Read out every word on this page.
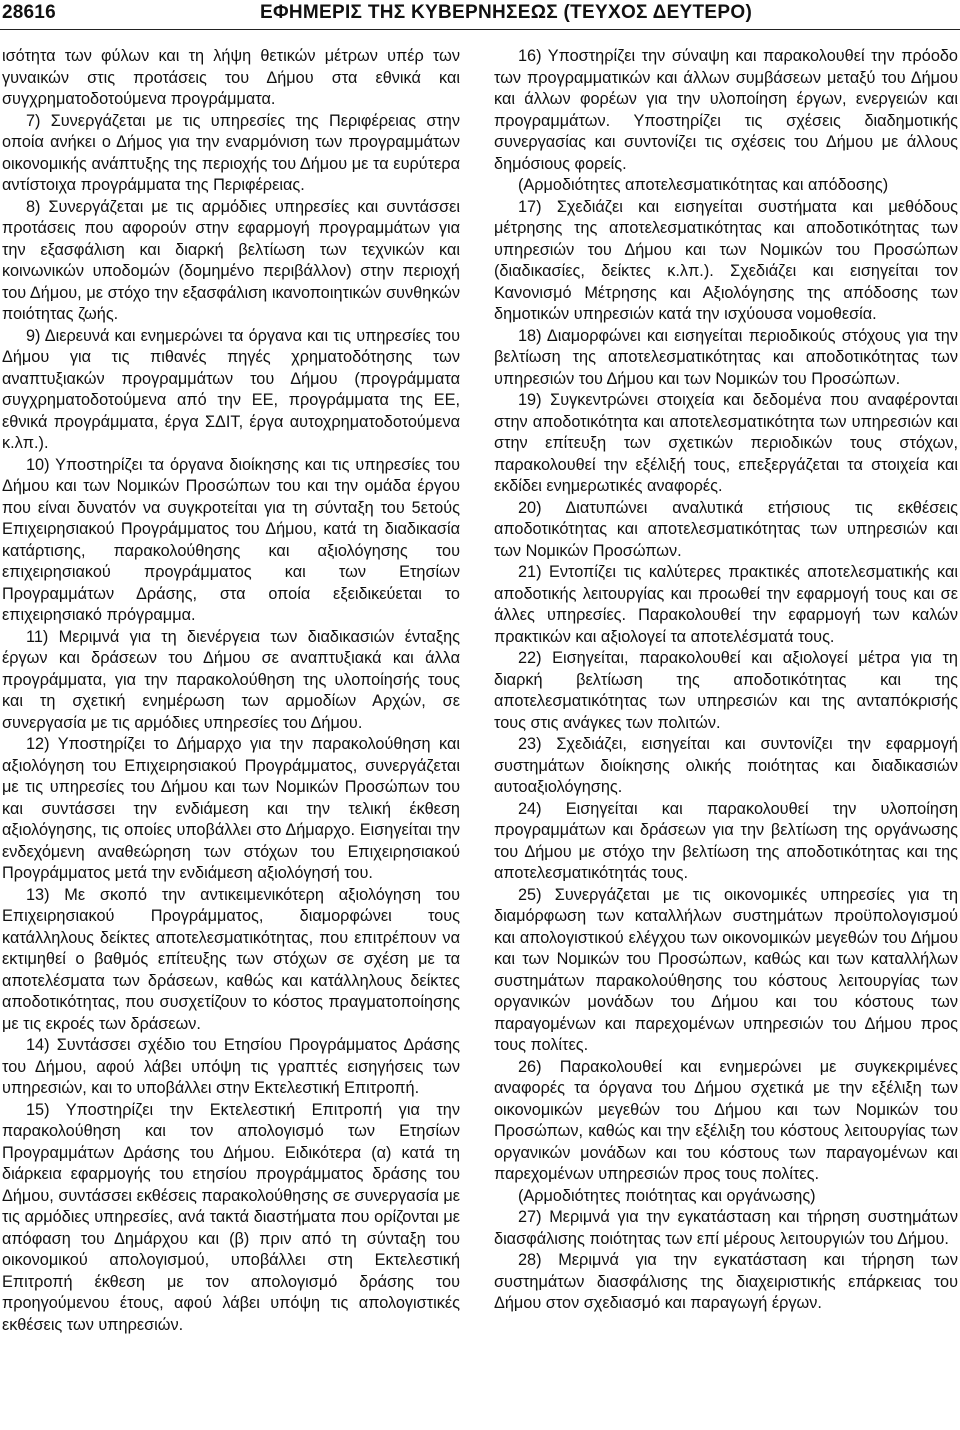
28616	ΕΦΗΜΕΡΙΣ ΤΗΣ ΚΥΒΕΡΝΗΣΕΩΣ (ΤΕΥΧΟΣ ΔΕΥΤΕΡΟ)

ισότητα των φύλων και τη λήψη θετικών μέτρων υπέρ των γυναικών στις προτάσεις του Δήμου στα εθνικά και συγχρηματοδοτούμενα προγράμματα.

7) Συνεργάζεται με τις υπηρεσίες της Περιφέρειας στην οποία ανήκει ο Δήμος για την εναρμόνιση των προγραμμάτων οικονομικής ανάπτυξης της περιοχής του Δήμου με τα ευρύτερα αντίστοιχα προγράμματα της Περιφέρειας.

8) Συνεργάζεται με τις αρμόδιες υπηρεσίες και συντάσσει προτάσεις που αφορούν στην εφαρμογή προγραμμάτων για την εξασφάλιση και διαρκή βελτίωση των τεχνικών και κοινωνικών υποδομών (δομημένο περιβάλλον) στην περιοχή του Δήμου, με στόχο την εξασφάλιση ικανοποιητικών συνθηκών ποιότητας ζωής.

9) Διερευνά και ενημερώνει τα όργανα και τις υπηρεσίες του Δήμου για τις πιθανές πηγές χρηματοδότησης των αναπτυξιακών προγραμμάτων του Δήμου (προγράμματα συγχρηματοδοτούμενα από την ΕΕ, προγράμματα της ΕΕ, εθνικά προγράμματα, έργα ΣΔΙΤ, έργα αυτοχρηματοδοτούμενα κ.λπ.).

10) Υποστηρίζει τα όργανα διοίκησης και τις υπηρεσίες του Δήμου και των Νομικών Προσώπων του και την ομάδα έργου που είναι δυνατόν να συγκροτείται για τη σύνταξη του 5ετούς Επιχειρησιακού Προγράμματος του Δήμου, κατά τη διαδικασία κατάρτισης, παρακολούθησης και αξιολόγησης του επιχειρησιακού προγράμματος και των Ετησίων Προγραμμάτων Δράσης, στα οποία εξειδικεύεται το επιχειρησιακό πρόγραμμα.

11) Μεριμνά για τη διενέργεια των διαδικασιών ένταξης έργων και δράσεων του Δήμου σε αναπτυξιακά και άλλα προγράμματα, για την παρακολούθηση της υλοποίησής τους και τη σχετική ενημέρωση των αρμοδίων Αρχών, σε συνεργασία με τις αρμόδιες υπηρεσίες του Δήμου.

12) Υποστηρίζει το Δήμαρχο για την παρακολούθηση και αξιολόγηση του Επιχειρησιακού Προγράμματος, συνεργάζεται με τις υπηρεσίες του Δήμου και των Νομικών Προσώπων του και συντάσσει την ενδιάμεση και την τελική έκθεση αξιολόγησης, τις οποίες υποβάλλει στο Δήμαρχο. Εισηγείται την ενδεχόμενη αναθεώρηση των στόχων του Επιχειρησιακού Προγράμματος μετά την ενδιάμεση αξιολόγησή του.

13) Με σκοπό την αντικειμενικότερη αξιολόγηση του Επιχειρησιακού Προγράμματος, διαμορφώνει τους κατάλληλους δείκτες αποτελεσματικότητας, που επιτρέπουν να εκτιμηθεί ο βαθμός επίτευξης των στόχων σε σχέση με τα αποτελέσματα των δράσεων, καθώς και κατάλληλους δείκτες αποδοτικότητας, που συσχετίζουν το κόστος πραγματοποίησης με τις εκροές των δράσεων.

14) Συντάσσει σχέδιο του Ετησίου Προγράμματος Δράσης του Δήμου, αφού λάβει υπόψη τις γραπτές εισηγήσεις των υπηρεσιών, και το υποβάλλει στην Εκτελεστική Επιτροπή.

15) Υποστηρίζει την Εκτελεστική Επιτροπή για την παρακολούθηση και τον απολογισμό των Ετησίων Προγραμμάτων Δράσης του Δήμου. Ειδικότερα (α) κατά τη διάρκεια εφαρμογής του ετησίου προγράμματος δράσης του Δήμου, συντάσσει εκθέσεις παρακολούθησης σε συνεργασία με τις αρμόδιες υπηρεσίες, ανά τακτά διαστήματα που ορίζονται με απόφαση του Δημάρχου και (β) πριν από τη σύνταξη του οικονομικού απολογισμού, υποβάλλει στη Εκτελεστική Επιτροπή έκθεση με τον απολογισμό δράσης του προηγούμενου έτους, αφού λάβει υπόψη τις απολογιστικές εκθέσεις των υπηρεσιών.

16) Υποστηρίζει την σύναψη και παρακολουθεί την πρόοδο των προγραμματικών και άλλων συμβάσεων μεταξύ του Δήμου και άλλων φορέων για την υλοποίηση έργων, ενεργειών και προγραμμάτων. Υποστηρίζει τις σχέσεις διαδημοτικής συνεργασίας και συντονίζει τις σχέσεις του Δήμου με άλλους δημόσιους φορείς.

(Αρμοδιότητες αποτελεσματικότητας και απόδοσης)

17) Σχεδιάζει και εισηγείται συστήματα και μεθόδους μέτρησης της αποτελεσματικότητας και αποδοτικότητας των υπηρεσιών του Δήμου και των Νομικών του Προσώπων (διαδικασίες, δείκτες κ.λπ.). Σχεδιάζει και εισηγείται τον Κανονισμό Μέτρησης και Αξιολόγησης της απόδοσης των δημοτικών υπηρεσιών κατά την ισχύουσα νομοθεσία.

18) Διαμορφώνει και εισηγείται περιοδικούς στόχους για την βελτίωση της αποτελεσματικότητας και αποδοτικότητας των υπηρεσιών του Δήμου και των Νομικών του Προσώπων.

19) Συγκεντρώνει στοιχεία και δεδομένα που αναφέρονται στην αποδοτικότητα και αποτελεσματικότητα των υπηρεσιών και στην επίτευξη των σχετικών περιοδικών τους στόχων, παρακολουθεί την εξέλιξή τους, επεξεργάζεται τα στοιχεία και εκδίδει ενημερωτικές αναφορές.

20) Διατυπώνει αναλυτικά ετήσιους τις εκθέσεις αποδοτικότητας και αποτελεσματικότητας των υπηρεσιών και των Νομικών Προσώπων.

21) Εντοπίζει τις καλύτερες πρακτικές αποτελεσματικής και αποδοτικής λειτουργίας και προωθεί την εφαρμογή τους και σε άλλες υπηρεσίες. Παρακολουθεί την εφαρμογή των καλών πρακτικών και αξιολογεί τα αποτελέσματά τους.

22) Εισηγείται, παρακολουθεί και αξιολογεί μέτρα για τη διαρκή βελτίωση της αποδοτικότητας και της αποτελεσματικότητας των υπηρεσιών και της ανταπόκρισής τους στις ανάγκες των πολιτών.

23) Σχεδιάζει, εισηγείται και συντονίζει την εφαρμογή συστημάτων διοίκησης ολικής ποιότητας και διαδικασιών αυτοαξιολόγησης.

24) Εισηγείται και παρακολουθεί την υλοποίηση προγραμμάτων και δράσεων για την βελτίωση της οργάνωσης του Δήμου με στόχο την βελτίωση της αποδοτικότητας και της αποτελεσματικότητάς τους.

25) Συνεργάζεται με τις οικονομικές υπηρεσίες για τη διαμόρφωση των καταλλήλων συστημάτων προϋπολογισμού και απολογιστικού ελέγχου των οικονομικών μεγεθών του Δήμου και των Νομικών του Προσώπων, καθώς και των καταλλήλων συστημάτων παρακολούθησης του κόστους λειτουργίας των οργανικών μονάδων του Δήμου και του κόστους των παραγομένων και παρεχομένων υπηρεσιών του Δήμου προς τους πολίτες.

26) Παρακολουθεί και ενημερώνει με συγκεκριμένες αναφορές τα όργανα του Δήμου σχετικά με την εξέλιξη των οικονομικών μεγεθών του Δήμου και των Νομικών του Προσώπων, καθώς και την εξέλιξη του κόστους λειτουργίας των οργανικών μονάδων και του κόστους των παραγομένων και παρεχομένων υπηρεσιών προς τους πολίτες.

(Αρμοδιότητες ποιότητας και οργάνωσης)

27) Μεριμνά για την εγκατάσταση και τήρηση συστημάτων διασφάλισης ποιότητας των επί μέρους λειτουργιών του Δήμου.

28) Μεριμνά για την εγκατάσταση και τήρηση των συστημάτων διασφάλισης της διαχειριστικής επάρκειας του Δήμου στον σχεδιασμό και παραγωγή έργων.
